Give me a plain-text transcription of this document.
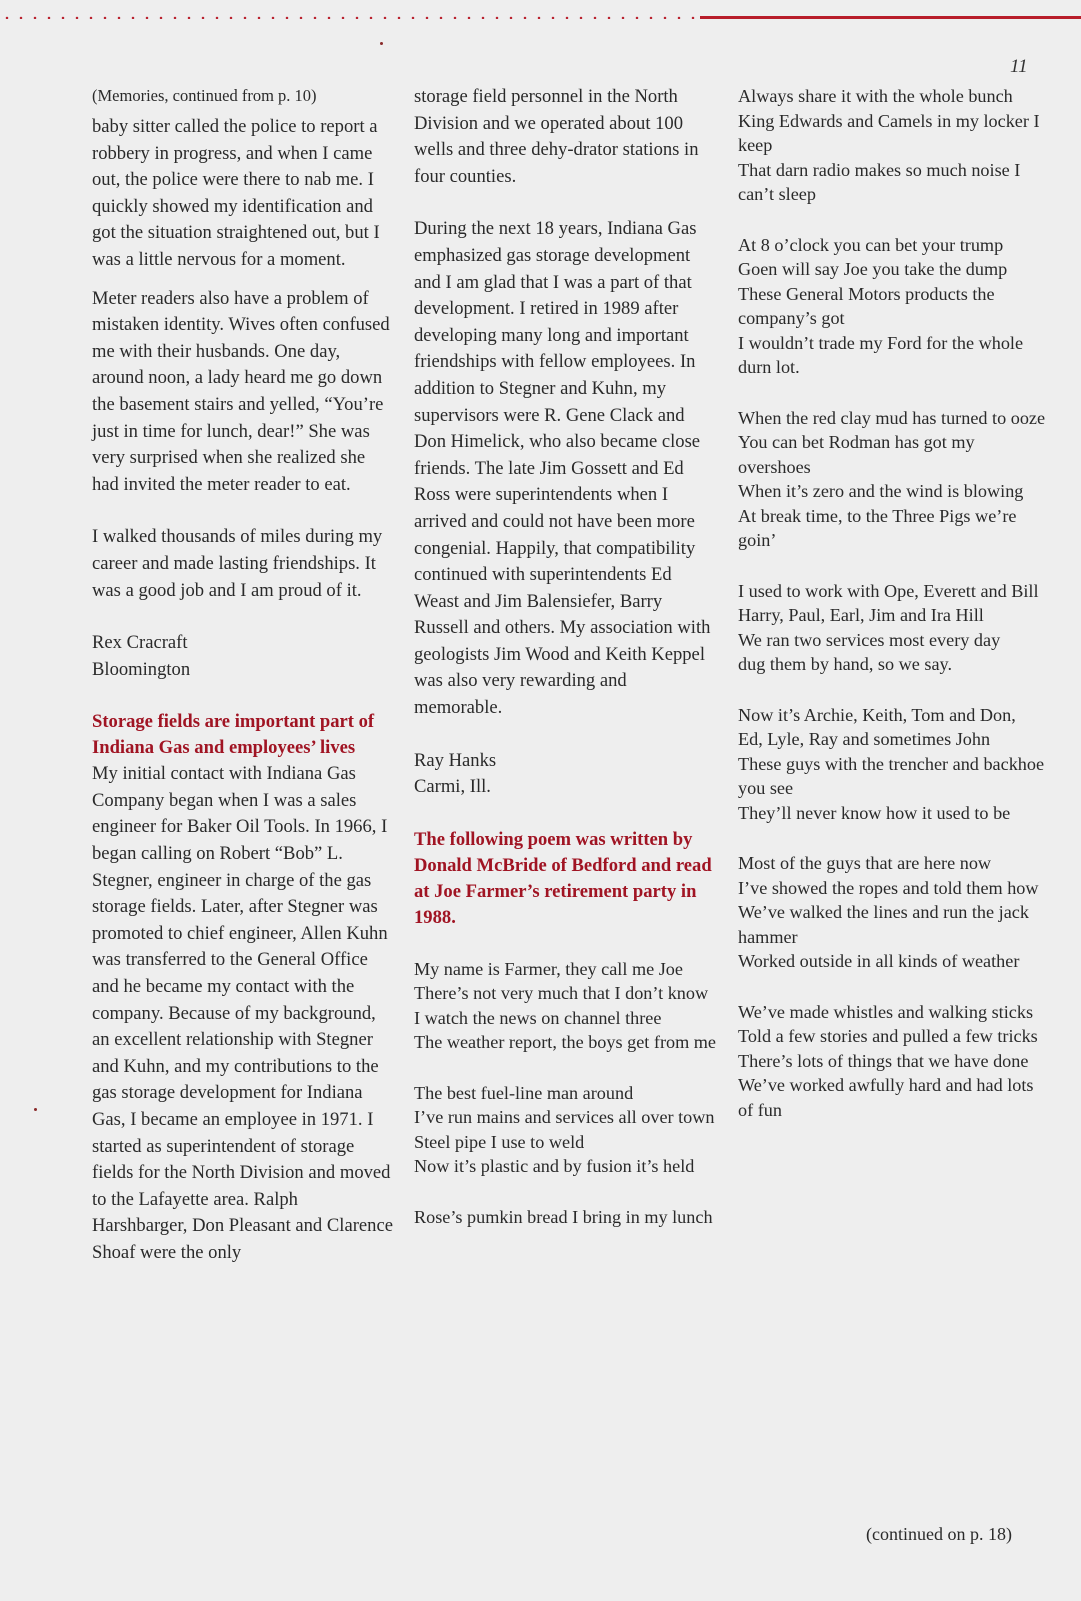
11

(Memories, continued from p. 10)

baby sitter called the police to report a robbery in progress, and when I came out, the police were there to nab me. I quickly showed my identification and got the situation straightened out, but I was a little nervous for a moment.

Meter readers also have a problem of mistaken identity. Wives often confused me with their husbands. One day, around noon, a lady heard me go down the basement stairs and yelled, “You’re just in time for lunch, dear!” She was very surprised when she realized she had invited the meter reader to eat.

I walked thousands of miles during my career and made lasting friendships. It was a good job and I am proud of it.

Rex Cracraft

Bloomington

Storage fields are important part of Indiana Gas and employees’ lives

My initial contact with Indiana Gas Company began when I was a sales engineer for Baker Oil Tools. In 1966, I began calling on Robert “Bob” L. Stegner, engineer in charge of the gas storage fields. Later, after Stegner was promoted to chief engineer, Allen Kuhn was transferred to the General Office and he became my contact with the company. Because of my background, an excellent relationship with Stegner and Kuhn, and my contributions to the gas storage development for Indiana Gas, I became an employee in 1971. I started as superintendent of storage fields for the North Division and moved to the Lafayette area. Ralph Harshbarger, Don Pleasant and Clarence Shoaf were the only

storage field personnel in the North Division and we operated about 100 wells and three dehy-drator stations in four counties.

During the next 18 years, Indiana Gas emphasized gas storage development and I am glad that I was a part of that development. I retired in 1989 after developing many long and important friendships with fellow employees. In addition to Stegner and Kuhn, my supervisors were R. Gene Clack and Don Himelick, who also became close friends. The late Jim Gossett and Ed Ross were superintendents when I arrived and could not have been more congenial. Happily, that compatibility continued with superintendents Ed Weast and Jim Balensiefer, Barry Russell and others. My association with geologists Jim Wood and Keith Keppel was also very rewarding and memorable.

Ray Hanks

Carmi, Ill.

The following poem was written by Donald McBride of Bedford and read at Joe Farmer’s retirement party in 1988.

My name is Farmer, they call me Joe

There’s not very much that I don’t know

I watch the news on channel three

The weather report, the boys get from me

The best fuel-line man around

I’ve run mains and services all over town

Steel pipe I use to weld

Now it’s plastic and by fusion it’s held

Rose’s pumkin bread I bring in my lunch

Always share it with the whole bunch

King Edwards and Camels in my locker I keep

That darn radio makes so much noise I can’t sleep

At 8 o’clock you can bet your trump

Goen will say Joe you take the dump

These General Motors products the company’s got

I wouldn’t trade my Ford for the whole durn lot.

When the red clay mud has turned to ooze

You can bet Rodman has got my overshoes

When it’s zero and the wind is blowing

At break time, to the Three Pigs we’re goin’

I used to work with Ope, Everett and Bill

Harry, Paul, Earl, Jim and Ira Hill

We ran two services most every day

dug them by hand, so we say.

Now it’s Archie, Keith, Tom and Don,

Ed, Lyle, Ray and sometimes John

These guys with the trencher and backhoe you see

They’ll never know how it used to be

Most of the guys that are here now

I’ve showed the ropes and told them how

We’ve walked the lines and run the jack hammer

Worked outside in all kinds of weather

We’ve made whistles and walking sticks

Told a few stories and pulled a few tricks

There’s lots of things that we have done

We’ve worked awfully hard and had lots of fun

(continued on p. 18)
